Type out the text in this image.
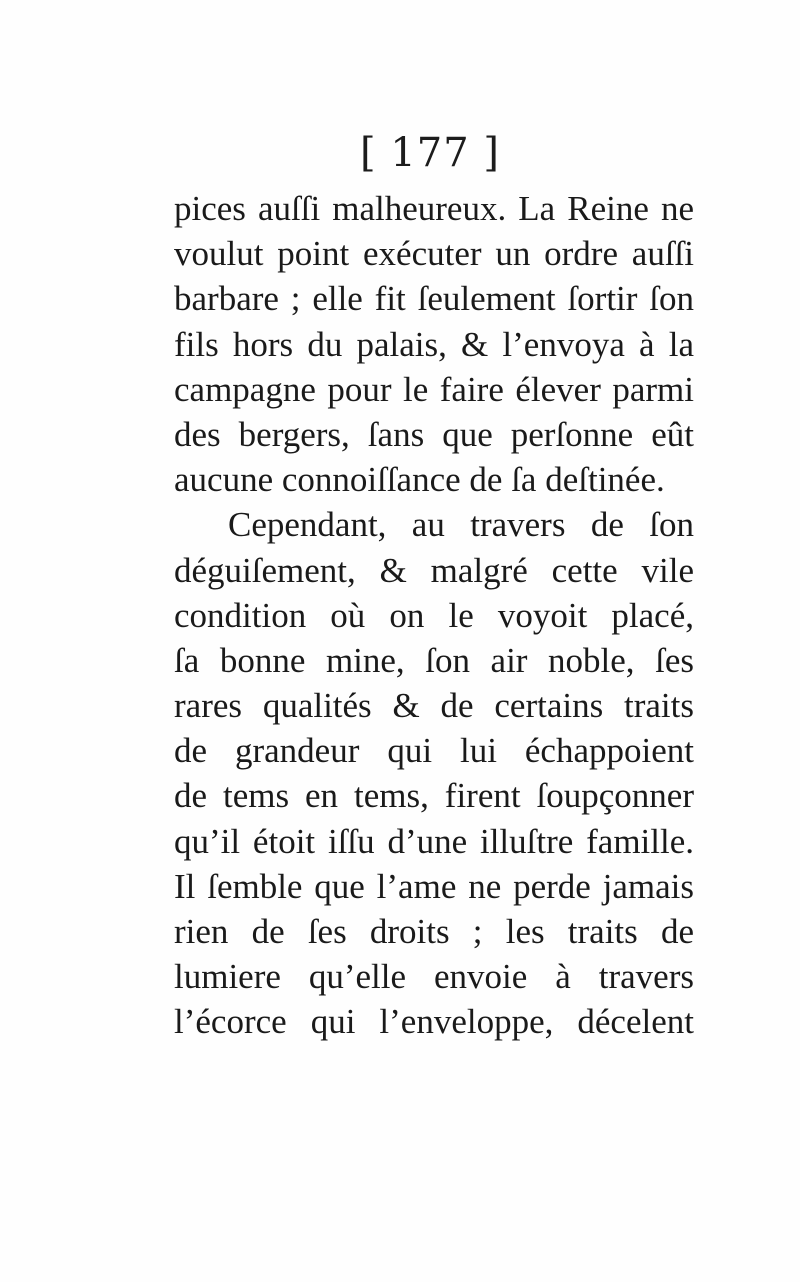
[ 177 ]
pices auſſi malheureux. La Reine ne
voulut point exécuter un ordre auſſi
barbare ; elle fit ſeulement ſortir ſon
fils hors du palais, & l’envoya à la
campagne pour le faire élever parmi
des bergers, ſans que perſonne eût
aucune connoiſſance de ſa deſtinée.
Cependant, au travers de ſon
déguiſement, & malgré cette vile
condition où on le voyoit placé,
ſa bonne mine, ſon air noble, ſes
rares qualités & de certains traits
de grandeur qui lui échappoient
de tems en tems, firent ſoupçonner
qu’il étoit iſſu d’une illuſtre famille.
Il ſemble que l’ame ne perde jamais
rien de ſes droits ; les traits de
lumiere qu’elle envoie à travers
l’écorce qui l’enveloppe, décelent
